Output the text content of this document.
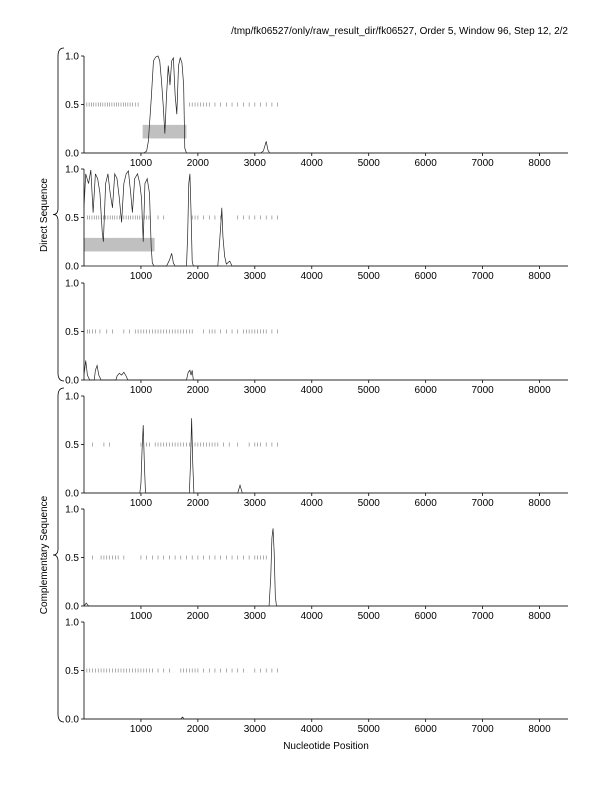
/tmp/fk06527/only/raw_result_dir/fk06527, Order 5, Window 96, Step 12, 2/2
Direct Sequence
Complementary Sequence
0.0
0.5
1.0
1000	2000	3000	4000	5000	6000	7000	8000
0.0
0.5
1.0
1000	2000	3000	4000	5000	6000	7000	8000
0.0
0.5
1.0
1000	2000	3000	4000	5000	6000	7000	8000
0.0
0.5
1.0
1000	2000	3000	4000	5000	6000	7000	8000
0.0
0.5
1.0
1000	2000	3000	4000	5000	6000	7000	8000
0.0
0.5
1.0
1000	2000	3000	4000	5000	6000	7000	8000
Nucleotide Position
